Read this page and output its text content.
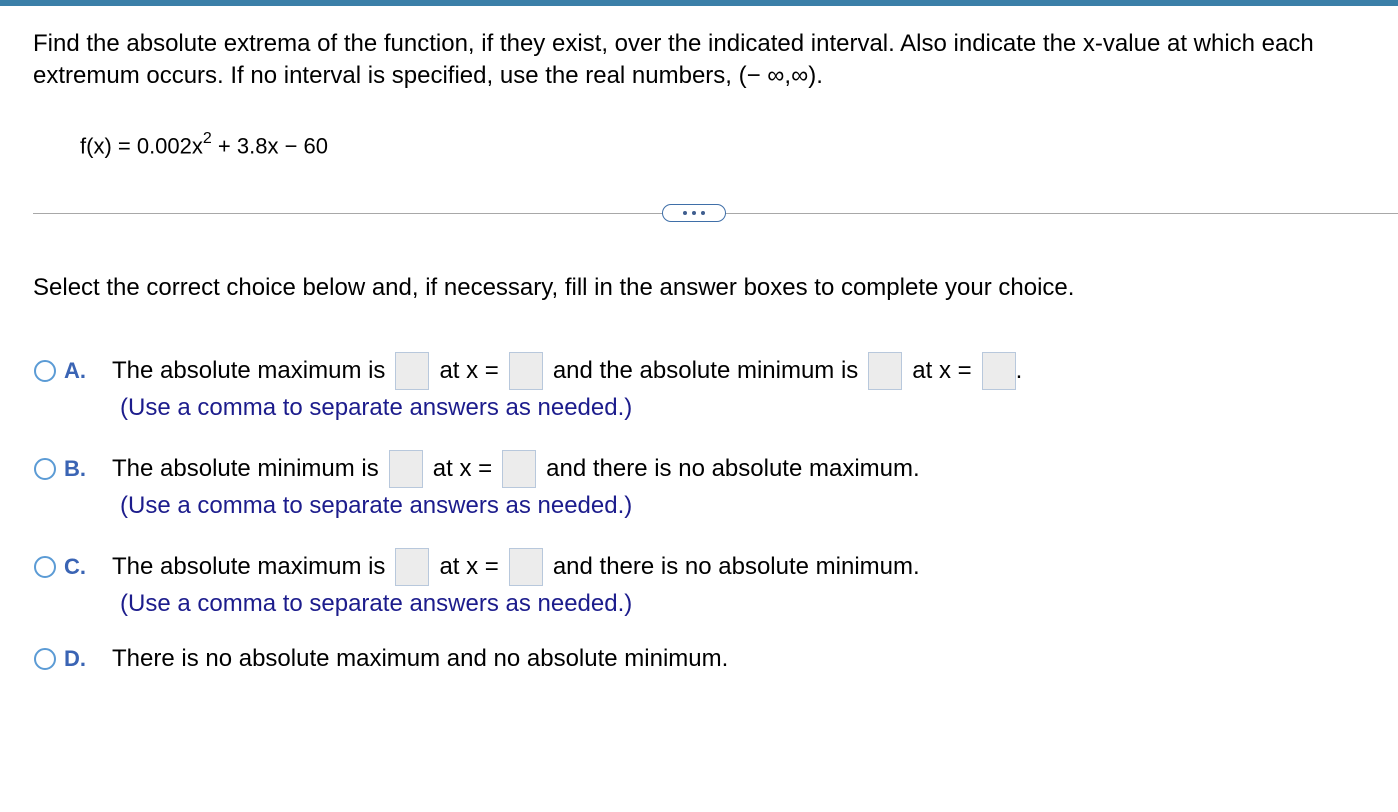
Find the absolute extrema of the function, if they exist, over the indicated interval. Also indicate the x-value at which each extremum occurs. If no interval is specified, use the real numbers, (− ∞,∞).
$f(x) = 0.002x^2 + 3.8x - 60$
Select the correct choice below and, if necessary, fill in the answer boxes to complete your choice.
A.	The absolute maximum is at x = and the absolute minimum is at x = .
(Use a comma to separate answers as needed.)
B.	The absolute minimum is at x = and there is no absolute maximum.
(Use a comma to separate answers as needed.)
C.	The absolute maximum is at x = and there is no absolute minimum.
(Use a comma to separate answers as needed.)
D.	There is no absolute maximum and no absolute minimum.
